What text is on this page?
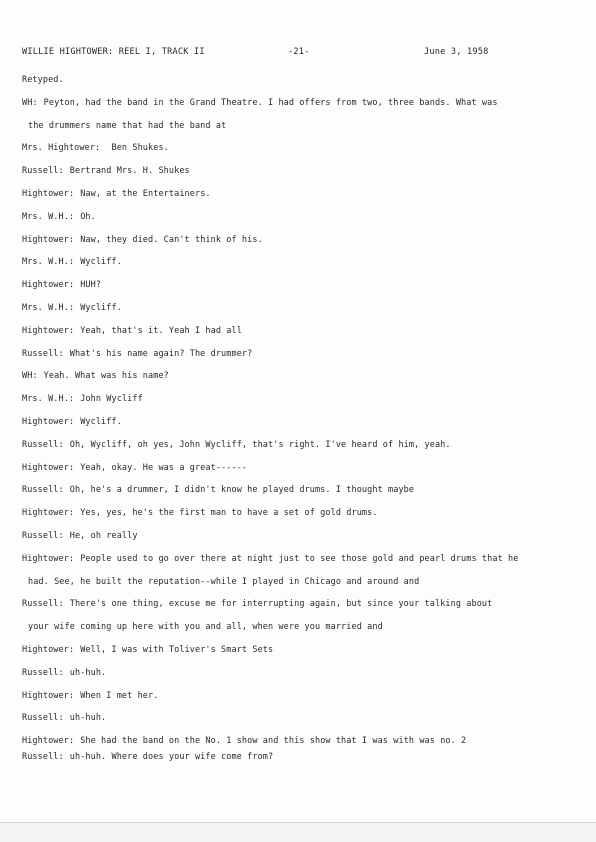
WILLIE HIGHTOWER: REEL I, TRACK II	-21-	June 3, 1958
Retyped.
WH: Peyton, had the band in the Grand Theatre. I had offers from two, three bands. What was
the drummers name that had the band at
Mrs. Hightower: Ben Shukes.
Russell: Bertrand Mrs. H. Shukes
Hightower: Naw, at the Entertainers.
Mrs. W.H.: Oh.
Hightower: Naw, they died. Can't think of his.
Mrs. W.H.: Wycliff.
Hightower: HUH?
Mrs. W.H.: Wycliff.
Hightower: Yeah, that's it. Yeah I had all
Russell: What's his name again? The drummer?
WH: Yeah. What was his name?
Mrs. W.H.: John Wycliff
Hightower: Wycliff.
Russell: Oh, Wycliff, oh yes, John Wycliff, that's right. I've heard of him, yeah.
Hightower: Yeah, okay. He was a great------
Russell: Oh, he's a drummer, I didn't know he played drums. I thought maybe
Hightower: Yes, yes, he's the first man to have a set of gold drums.
Russell: He, oh really
Hightower: People used to go over there at night just to see those gold and pearl drums that he
had. See, he built the reputation--while I played in Chicago and around and
Russell: There's one thing, excuse me for interrupting again, but since your talking about
your wife coming up here with you and all, when were you married and
Hightower: Well, I was with Toliver's Smart Sets
Russell: uh-huh.
Hightower: When I met her.
Russell: uh-huh.
Hightower: She had the band on the No. 1 show and this show that I was with was no. 2
Russell: uh-huh. Where does your wife come from?
